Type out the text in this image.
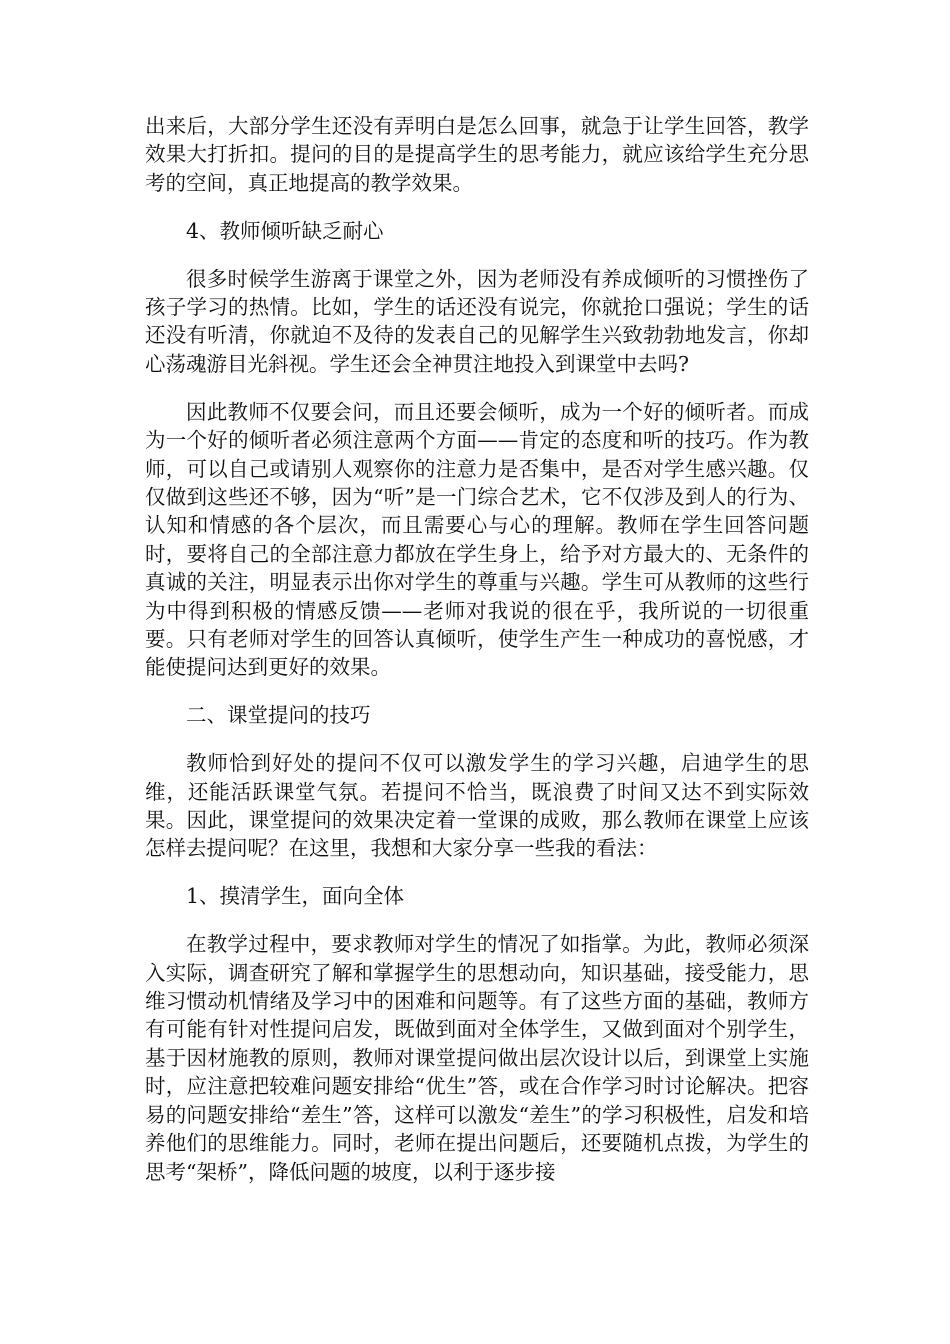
出来后，大部分学生还没有弄明白是怎么回事，就急于让学生回答，教学效果大打折扣。提问的目的是提高学生的思考能力，就应该给学生充分思考的空间，真正地提高的教学效果。

4、教师倾听缺乏耐心

很多时候学生游离于课堂之外，因为老师没有养成倾听的习惯挫伤了孩子学习的热情。比如，学生的话还没有说完，你就抢口强说；学生的话还没有听清，你就迫不及待的发表自己的见解学生兴致勃勃地发言，你却心荡魂游目光斜视。学生还会全神贯注地投入到课堂中去吗?

因此教师不仅要会问，而且还要会倾听，成为一个好的倾听者。而成为一个好的倾听者必须注意两个方面——肯定的态度和听的技巧。作为教师，可以自己或请别人观察你的注意力是否集中，是否对学生感兴趣。仅仅做到这些还不够，因为“听”是一门综合艺术，它不仅涉及到人的行为、认知和情感的各个层次，而且需要心与心的理解。教师在学生回答问题时，要将自己的全部注意力都放在学生身上，给予对方最大的、无条件的真诚的关注，明显表示出你对学生的尊重与兴趣。学生可从教师的这些行为中得到积极的情感反馈——老师对我说的很在乎，我所说的一切很重要。只有老师对学生的回答认真倾听，使学生产生一种成功的喜悦感，才能使提问达到更好的效果。

二、课堂提问的技巧

教师恰到好处的提问不仅可以激发学生的学习兴趣，启迪学生的思维，还能活跃课堂气氛。若提问不恰当，既浪费了时间又达不到实际效果。因此，课堂提问的效果决定着一堂课的成败，那么教师在课堂上应该怎样去提问呢？在这里，我想和大家分享一些我的看法：

1、摸清学生，面向全体

在教学过程中，要求教师对学生的情况了如指掌。为此，教师必须深入实际，调查研究了解和掌握学生的思想动向，知识基础，接受能力，思维习惯动机情绪及学习中的困难和问题等。有了这些方面的基础，教师方有可能有针对性提问启发，既做到面对全体学生，又做到面对个别学生，基于因材施教的原则，教师对课堂提问做出层次设计以后，到课堂上实施时，应注意把较难问题安排给“优生”答，或在合作学习时讨论解决。把容易的问题安排给“差生”答，这样可以激发“差生”的学习积极性，启发和培养他们的思维能力。同时，老师在提出问题后，还要随机点拨，为学生的思考“架桥”，降低问题的坡度，以利于逐步接
